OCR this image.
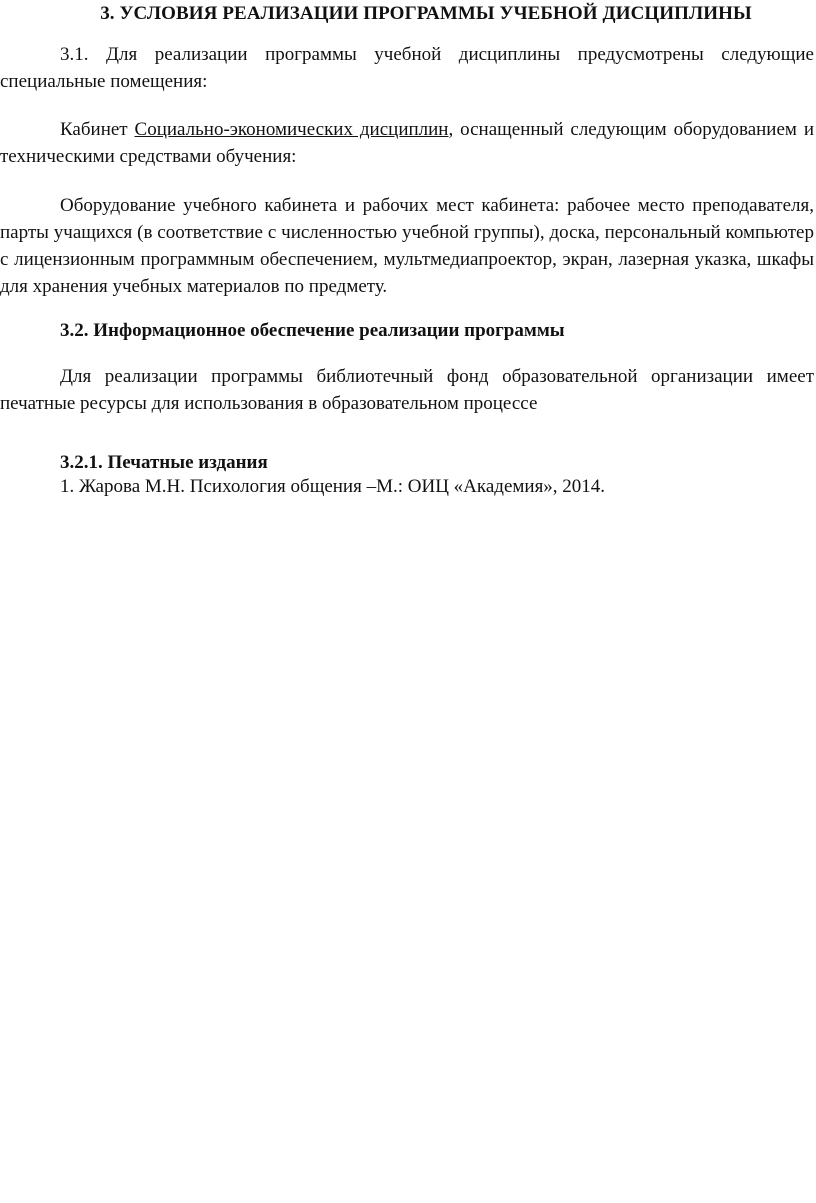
3. УСЛОВИЯ РЕАЛИЗАЦИИ ПРОГРАММЫ УЧЕБНОЙ ДИСЦИПЛИНЫ

3.1. Для реализации программы учебной дисциплины предусмотрены следующие специальные помещения:

Кабинет Социально-экономических дисциплин, оснащенный следующим оборудованием и техническими средствами обучения:

Оборудование учебного кабинета и рабочих мест кабинета: рабочее место преподавателя, парты учащихся (в соответствие с численностью учебной группы), доска, персональный компьютер с лицензионным программным обеспечением, мультмедиапроектор, экран, лазерная указка, шкафы для хранения учебных материалов по предмету.

3.2. Информационное обеспечение реализации программы

Для реализации программы библиотечный фонд образовательной организации имеет печатные ресурсы для использования в образовательном процессе

3.2.1. Печатные издания

1. Жарова М.Н. Психология общения –М.: ОИЦ «Академия», 2014.
